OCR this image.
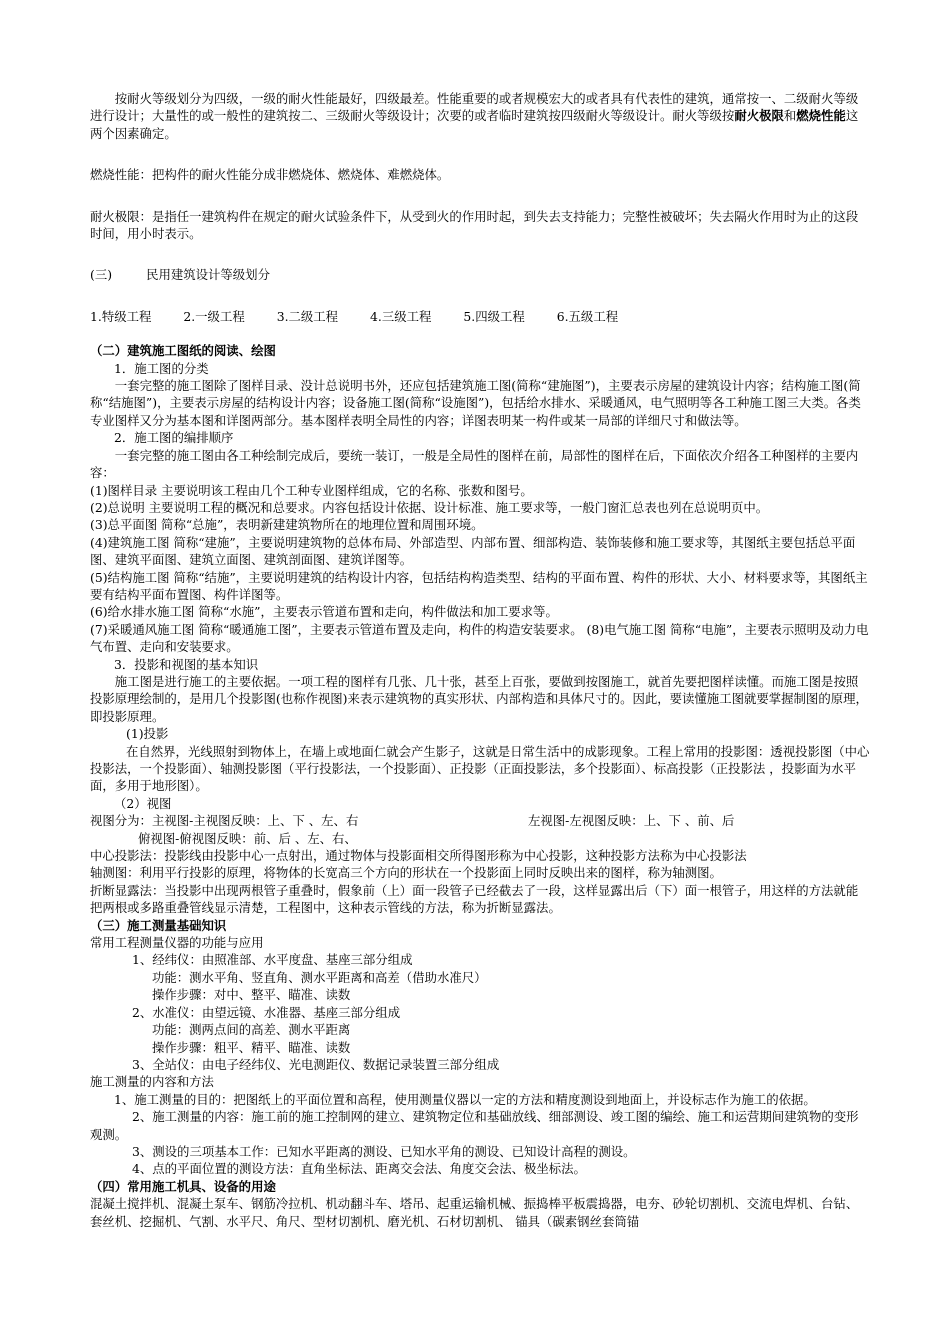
按耐火等级划分为四级，一级的耐火性能最好，四级最差。性能重要的或者规模宏大的或者具有代表性的建筑，通常按一、二级耐火等级进行设计；大量性的或一般性的建筑按二、三级耐火等级设计；次要的或者临时建筑按四级耐火等级设计。耐火等级按耐火极限和燃烧性能这两个因素确定。

燃烧性能：把构件的耐火性能分成非燃烧体、燃烧体、难燃烧体。

耐火极限：是指任一建筑构件在规定的耐火试验条件下，从受到火的作用时起，到失去支持能力；完整性被破坏；失去隔火作用时为止的这段时间，用小时表示。

(三)	民用建筑设计等级划分

1.特级工程	2.一级工程	3.二级工程	4.三级工程	5.四级工程	6.五级工程

（二）建筑施工图纸的阅读、绘图

1．施工图的分类

一套完整的施工图除了图样目录、没计总说明书外，还应包括建筑施工图(简称“建施图”)，主要表示房屋的建筑设计内容；结构施工图(简称“结施图”)，主要表示房屋的结构设计内容；设备施工图(简称“设施图”)，包括给水排水、采暖通风，电气照明等各工种施工图三大类。各类专业图样又分为基本图和详图两部分。基本图样表明全局性的内容；详图表明某一构件或某一局部的详细尺寸和做法等。

2．施工图的编排顺序

一套完整的施工图由各工种绘制完成后，要统一装订，一般是全局性的图样在前，局部性的图样在后，下面依次介绍各工种图样的主要内容：

(1)图样目录 主要说明该工程由几个工种专业图样组成，它的名称、张数和图号。

(2)总说明 主要说明工程的概况和总要求。内容包括设计依据、设计标准、施工要求等，一般门窗汇总表也列在总说明页中。

(3)总平面图 简称“总施”，表明新建建筑物所在的地理位置和周围环境。

(4)建筑施工图 简称“建施”，主要说明建筑物的总体布局、外部造型、内部布置、细部构造、装饰装修和施工要求等，其图纸主要包括总平面图、建筑平面图、建筑立面图、建筑剖面图、建筑详图等。

(5)结构施工图 简称“结施”，主要说明建筑的结构设计内容，包括结构构造类型、结构的平面布置、构件的形状、大小、材料要求等，其图纸主要有结构平面布置图、构件详图等。

(6)给水排水施工图 简称“水施”，主要表示管道布置和走向，构件做法和加工要求等。

(7)采暖通风施工图 简称“暖通施工图”，主要表示管道布置及走向，构件的构造安装要求。 (8)电气施工图 简称“电施”，主要表示照明及动力电气布置、走向和安装要求。

3．投影和视图的基本知识

施工图是进行施工的主要依据。一项工程的图样有几张、几十张，甚至上百张，要做到按图施工，就首先要把图样读懂。而施工图是按照投影原理绘制的，是用几个投影图(也称作视图)来表示建筑物的真实形状、内部构造和具体尺寸的。因此，要读懂施工图就要掌握制图的原理，即投影原理。

(1)投影

在自然界，光线照射到物体上，在墙上或地面仁就会产生影子，这就是日常生活中的成影现象。工程上常用的投影图：透视投影图（中心投影法，一个投影面）、轴测投影图（平行投影法，一个投影面）、正投影（正面投影法，多个投影面）、标高投影（正投影法 ，投影面为水平面，多用于地形图）。

（2）视图

视图分为：主视图-主视图反映：上、下 、左、右	左视图-左视图反映：上、下 、前、后

俯视图-俯视图反映：前、后 、左、右、

中心投影法：投影线由投影中心一点射出，通过物体与投影面相交所得图形称为中心投影，这种投影方法称为中心投影法

轴测图：利用平行投影的原理，将物体的长宽高三个方向的形状在一个投影面上同时反映出来的图样，称为轴测图。

折断显露法：当投影中出现两根管子重叠时，假象前（上）面一段管子已经截去了一段，这样显露出后（下）面一根管子，用这样的方法就能把两根或多路重叠管线显示清楚，工程图中，这种表示管线的方法，称为折断显露法。

（三）施工测量基础知识

常用工程测量仪器的功能与应用

1、经纬仪：由照准部、水平度盘、基座三部分组成

功能：测水平角、竖直角、测水平距离和高差（借助水准尺）

操作步骤：对中、整平、瞄准、读数

2、水准仪：由望远镜、水准器、基座三部分组成

功能：测两点间的高差、测水平距离

操作步骤：粗平、精平、瞄准、读数

3、全站仪：由电子经纬仪、光电测距仪、数据记录装置三部分组成

施工测量的内容和方法

1、施工测量的目的：把图纸上的平面位置和高程，使用测量仪器以一定的方法和精度测设到地面上，并设标志作为施工的依据。

2、施工测量的内容：施工前的施工控制网的建立、建筑物定位和基础放线、细部测设、竣工图的编绘、施工和运营期间建筑物的变形观测。

3、测设的三项基本工作：已知水平距离的测设、已知水平角的测设、已知设计高程的测设。

4、点的平面位置的测设方法：直角坐标法、距离交会法、角度交会法、极坐标法。

（四）常用施工机具、设备的用途

混凝土搅拌机、混凝土泵车、钢筋冷拉机、机动翻斗车、塔吊、起重运输机械、振捣棒平板震捣器，电夯、砂轮切割机、交流电焊机、台钻、套丝机、挖掘机、气割、水平尺、角尺、型材切割机、磨光机、石材切割机、 锚具（碳素钢丝套筒锚
